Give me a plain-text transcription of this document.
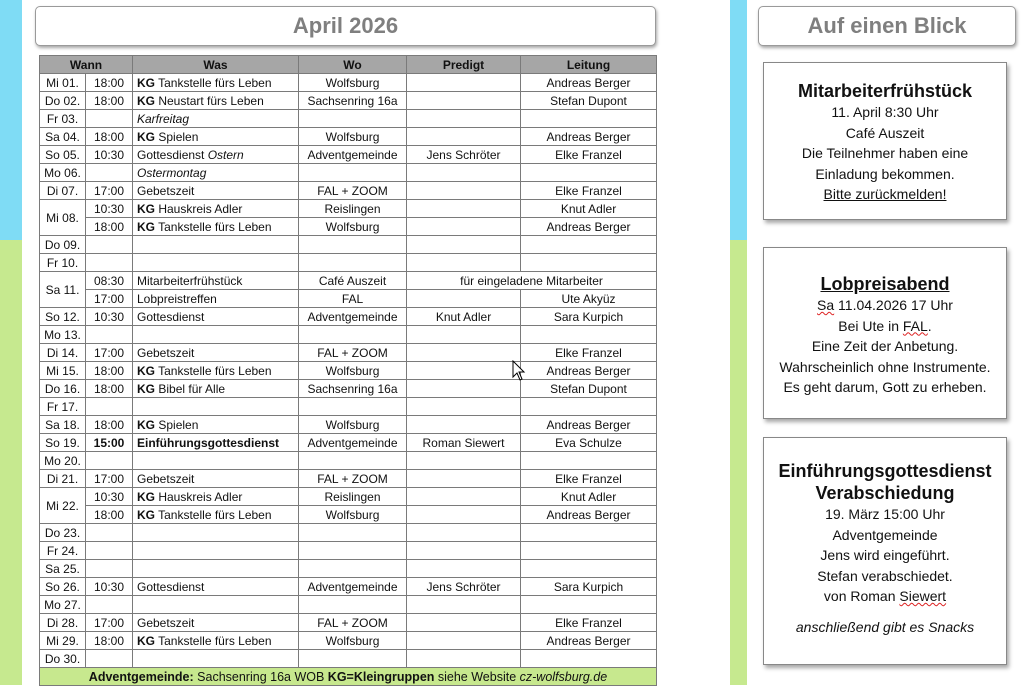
April 2026	Auf einen Blick
Wann		Was	Wo	Predigt	Leitung
Mi 01.	18:00	KG Tankstelle fürs Leben	Wolfsburg		Andreas Berger
Do 02.	18:00	KG Neustart fürs Leben	Sachsenring 16a		Stefan Dupont
Fr 03.		Karfreitag			
Sa 04.	18:00	KG Spielen	Wolfsburg		Andreas Berger
So 05.	10:30	Gottesdienst Ostern	Adventgemeinde	Jens Schröter	Elke Franzel
Mo 06.		Ostermontag			
Di 07.	17:00	Gebetszeit	FAL + ZOOM		Elke Franzel
Mi 08.	10:30	KG Hauskreis Adler	Reislingen		Knut Adler
	18:00	KG Tankstelle fürs Leben	Wolfsburg		Andreas Berger
Do 09.					
Fr 10.					
Sa 11.	08:30	Mitarbeiterfrühstück	Café Auszeit	für eingeladene Mitarbeiter	
	17:00	Lobpreistreffen	FAL		Ute Akyüz
So 12.	10:30	Gottesdienst	Adventgemeinde	Knut Adler	Sara Kurpich
Mo 13.					
Di 14.	17:00	Gebetszeit	FAL + ZOOM		Elke Franzel
Mi 15.	18:00	KG Tankstelle fürs Leben	Wolfsburg		Andreas Berger
Do 16.	18:00	KG Bibel für Alle	Sachsenring 16a		Stefan Dupont
Fr 17.					
Sa 18.	18:00	KG Spielen	Wolfsburg		Andreas Berger
So 19.	15:00	Einführungsgottesdienst	Adventgemeinde	Roman Siewert	Eva Schulze
Mo 20.					
Di 21.	17:00	Gebetszeit	FAL + ZOOM		Elke Franzel
Mi 22.	10:30	KG Hauskreis Adler	Reislingen		Knut Adler
	18:00	KG Tankstelle fürs Leben	Wolfsburg		Andreas Berger
Do 23.					
Fr 24.					
Sa 25.					
So 26.	10:30	Gottesdienst	Adventgemeinde	Jens Schröter	Sara Kurpich
Mo 27.					
Di 28.	17:00	Gebetszeit	FAL + ZOOM		Elke Franzel
Mi 29.	18:00	KG Tankstelle fürs Leben	Wolfsburg		Andreas Berger
Do 30.					
Adventgemeinde: Sachsenring 16a WOB KG=Kleingruppen siehe Website cz-wolfsburg.de					
Mitarbeiterfrühstück
11. April 8:30 Uhr
Café Auszeit
Die Teilnehmer haben eine
Einladung bekommen.
Bitte zurückmelden!
Lobpreisabend
Sa 11.04.2026 17 Uhr
Bei Ute in FAL.
Eine Zeit der Anbetung.
Wahrscheinlich ohne Instrumente.
Es geht darum, Gott zu erheben.
Einführungsgottesdienst
Verabschiedung
19. März 15:00 Uhr
Adventgemeinde
Jens wird eingeführt.
Stefan verabschiedet.
von Roman Siewert
anschließend gibt es Snacks
